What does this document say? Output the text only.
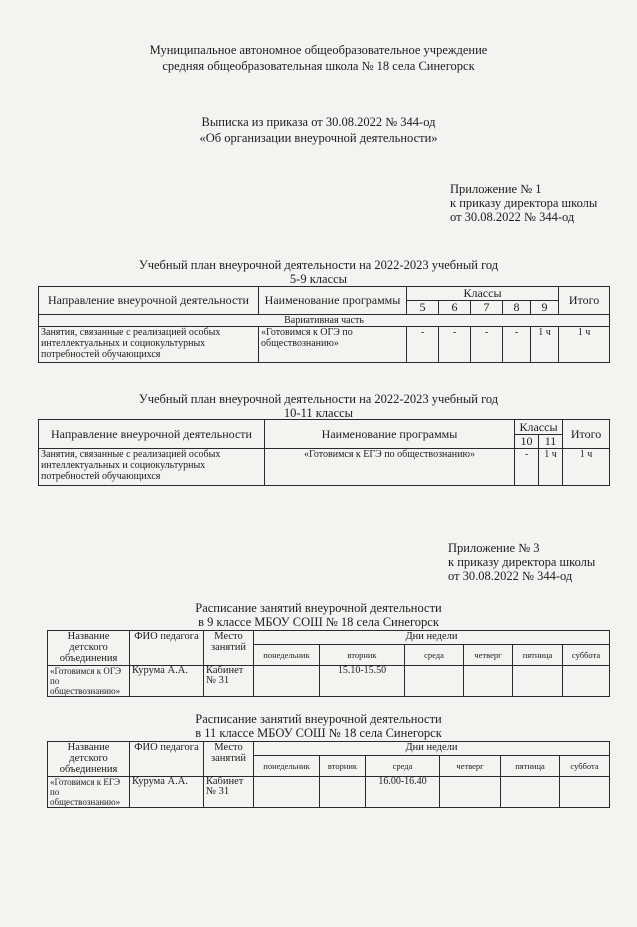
Муниципальное автономное общеобразовательное учреждение
средняя общеобразовательная школа № 18 села Синегорск
Выписка из приказа от 30.08.2022 № 344-од
«Об организации внеурочной деятельности»
Приложение № 1
к приказу директора школы
от 30.08.2022 № 344-од
Учебный план внеурочной деятельности на 2022-2023 учебный год
5-9 классы
Направление внеурочной деятельности	Наименование программы	Классы					Итого
		5	6	7	8	9	
Вариативная часть							
Занятия, связанные с реализацией особых интеллектуальных и социокультурных потребностей обучающихся	«Готовимся к ОГЭ по обществознанию»	-	-	-	-	1 ч	1 ч
Учебный план внеурочной деятельности на 2022-2023 учебный год
10-11 классы
Направление внеурочной деятельности	Наименование программы	Классы		Итого
		10	11	
Занятия, связанные с реализацией особых интеллектуальных и социокультурных потребностей обучающихся	«Готовимся к ЕГЭ по обществознанию»	-	1 ч	1 ч
Приложение № 3
к приказу директора школы
от 30.08.2022 № 344-од
Расписание занятий внеурочной деятельности
в 9 классе МБОУ СОШ № 18 села Синегорск
Название детского объединения	ФИО педагога	Место занятий	Дни недели					
			понедельник	вторник	среда	четверг	пятница	суббота
«Готовимся к ОГЭ по обществознанию»	Курума А.А.	Кабинет № 31		15.10-15.50				
Расписание занятий внеурочной деятельности
в 11 классе МБОУ СОШ № 18 села Синегорск
Название детского объединения	ФИО педагога	Место занятий	Дни недели					
			понедельник	вторник	среда	четверг	пятница	суббота
«Готовимся к ЕГЭ по обществознанию»	Курума А.А.	Кабинет № 31			16.00-16.40			
